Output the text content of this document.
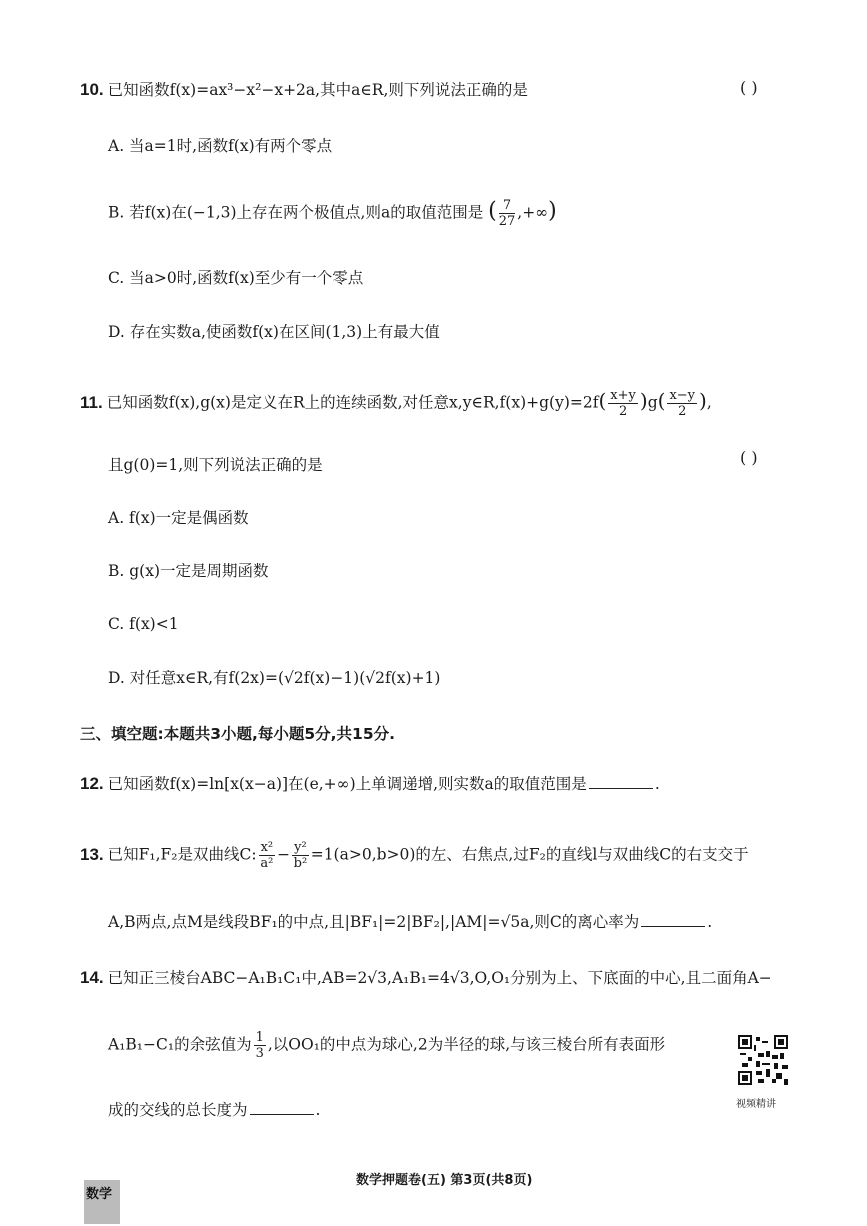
10. 已知函数f(x)=ax³−x²−x+2a,其中a∈R,则下列说法正确的是	( )
A. 当a=1时,函数f(x)有两个零点
B. 若f(x)在(−1,3)上存在两个极值点,则a的取值范围是 ( $\frac{7}{27}$ ,+∞)
C. 当a>0时,函数f(x)至少有一个零点
D. 存在实数a,使函数f(x)在区间(1,3)上有最大值
11. 已知函数f(x),g(x)是定义在R上的连续函数,对任意x,y∈R,f(x)+g(y)=2f( $\frac{x+y}{2} )g( \frac{x-y}{2}$ ),
且g(0)=1,则下列说法正确的是	( )
A. f(x)一定是偶函数
B. g(x)一定是周期函数
C. f(x)<1
D. 对任意x∈R,有f(2x)=(√2f(x)−1)(√2f(x)+1)
三、填空题:本题共3小题,每小题5分,共15分.
12. 已知函数f(x)=ln[x(x−a)]在(e,+∞)上单调递增,则实数a的取值范围是	.
13. 已知F₁,F₂是双曲线C: $\frac{\text{x²}}{\text{a²}} - \frac{\text{y²}}{\text{b²}} =1(a>0,b>0)$的左、右焦点,过F₂的直线l与双曲线C的右支交于
A,B两点,点M是线段BF₁的中点,且|BF₁|=2|BF₂|,|AM|=√5a,则C的离心率为	.
14. 已知正三棱台ABC−A₁B₁C₁中,AB=2√3,A₁B₁=4√3,O,O₁分别为上、下底面的中心,且二面角A−
A₁B₁−C₁的余弦值为 $\frac{1}{3}$ ,以OO₁的中点为球心,2为半径的球,与该三棱台所有表面形
成的交线的总长度为	.	视频精讲
数学
数学押题卷(五) 第3页(共8页)
